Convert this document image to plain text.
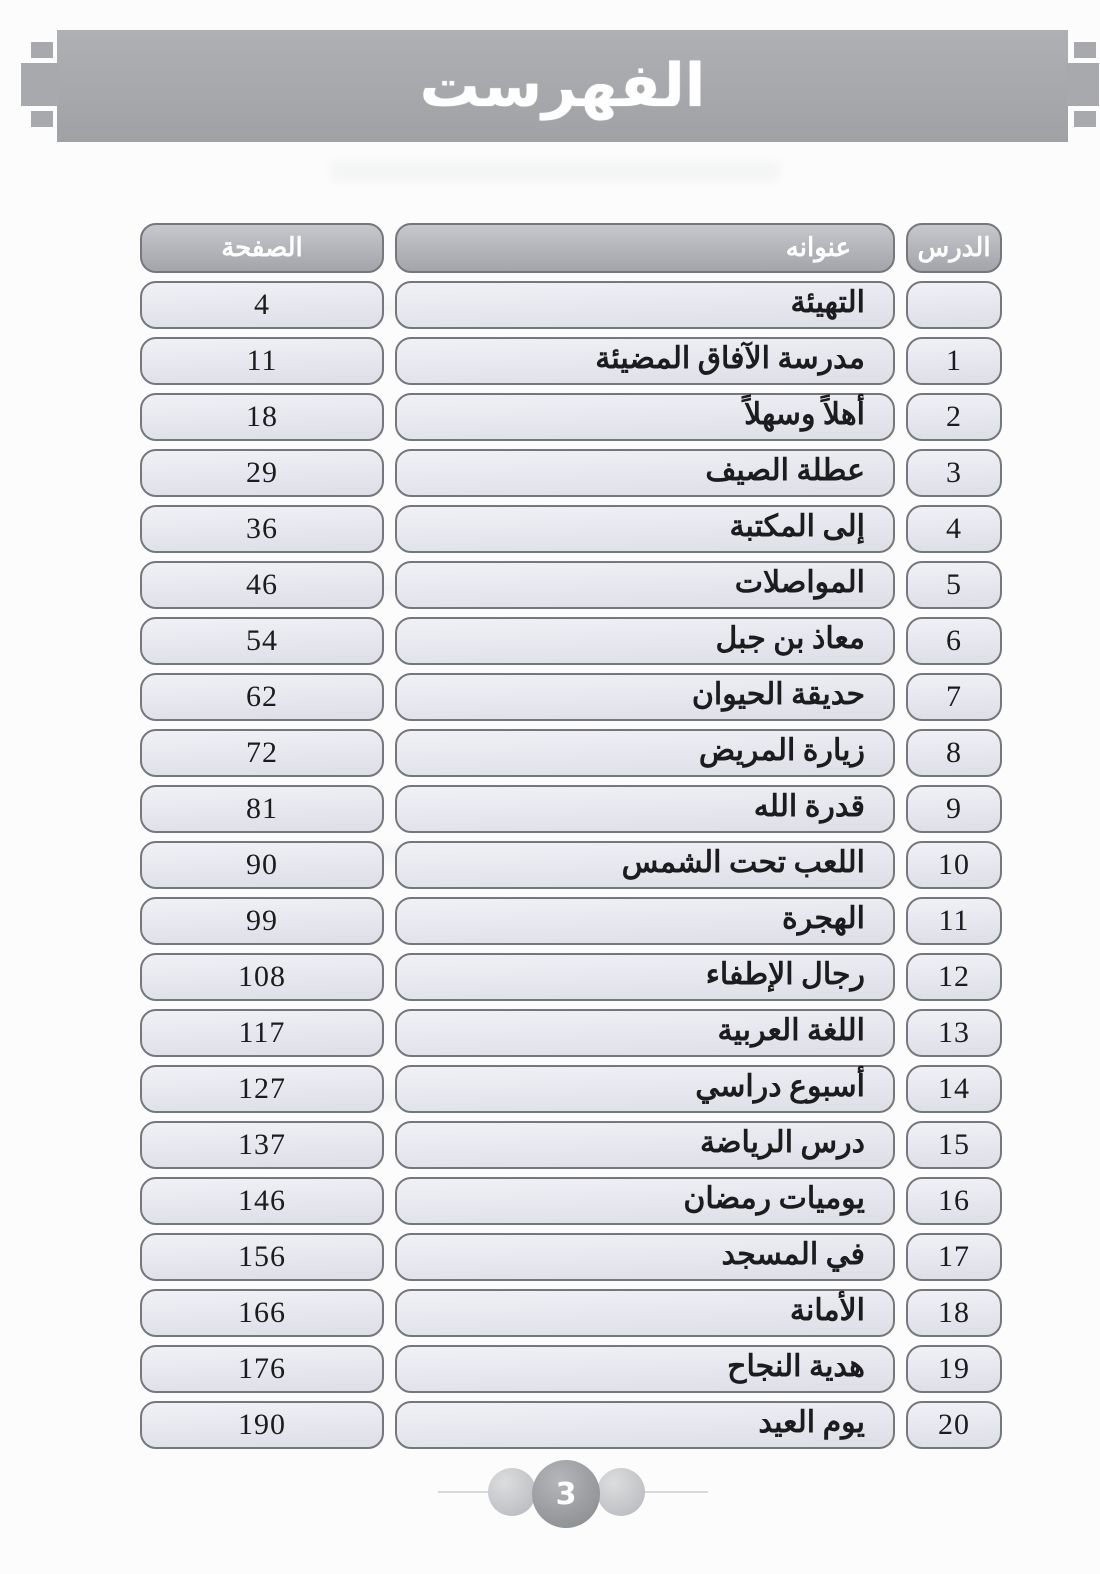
الفهرست
الصفحة	عنوانه	الدرس
4	التهيئة
11	مدرسة الآفاق المضيئة	1
18	أهلاً وسهلاً	2
29	عطلة الصيف	3
36	إلى المكتبة	4
46	المواصلات	5
54	معاذ بن جبل	6
62	حديقة الحيوان	7
72	زيارة المريض	8
81	قدرة الله	9
90	اللعب تحت الشمس 10
99	الهجرة 11
108	رجال الإطفاء 12
117	اللغة العربية 13
127	أسبوع دراسي 14
137	درس الرياضة 15
146	يوميات رمضان 16
156	في المسجد 17
166	الأمانة 18
176	هدية النجاح 19
190	يوم العيد 20
3
